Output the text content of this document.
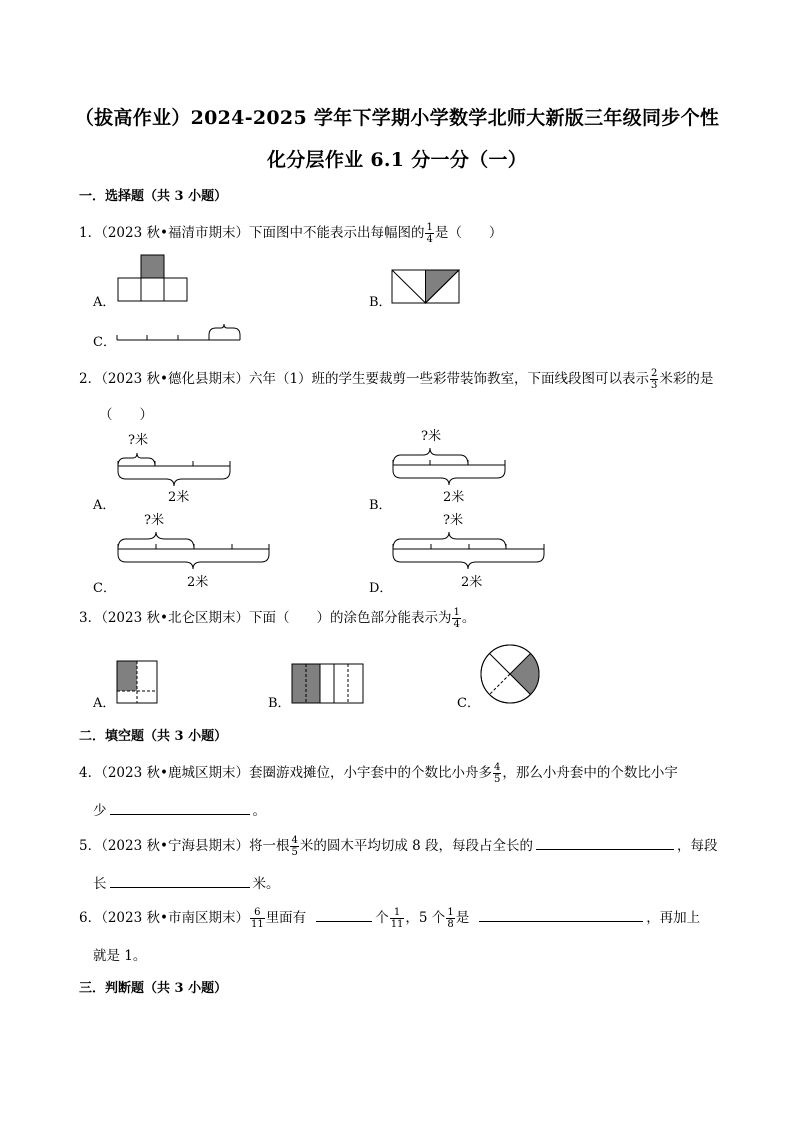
（拔高作业）2024-2025 学年下学期小学数学北师大新版三年级同步个性
化分层作业 6.1 分一分（一）
一．选择题（共 3 小题）
1．（2023 秋•福清市期末）下面图中不能表示出每幅图的 $\frac{1}{4}$ 是（　　）
A．	B．
C．
2．（2023 秋•德化县期末）六年（1）班的学生要裁剪一些彩带装饰教室，下面线段图可以表示 $\frac{2}{3}$ 米彩的是
（　　）
A．
?米
2米
B．
?米
2米
C．
?米
2米	D．
?米
2米
3．（2023 秋•北仑区期末）下面（　　）的涂色部分能表示为 $\frac{1}{4}$ 。
A．	B．	C．
二．填空题（共 3 小题）
4．（2023 秋•鹿城区期末）套圈游戏摊位，小宇套中的个数比小舟多 $\frac{4}{5}$ ，那么小舟套中的个数比小宇
少	。
5．（2023 秋•宁海县期末）将一根 $\frac{4}{5}$ 米的圆木平均切成 8 段，每段占全长的	，每段
长	米。
6．（2023 秋•市南区期末） $\frac{6}{11}$ 里面有	个 $\frac{1}{11}$ ，5 个 $\frac{1}{8}$ 是	，再加上
就是 1。
三．判断题（共 3 小题）
